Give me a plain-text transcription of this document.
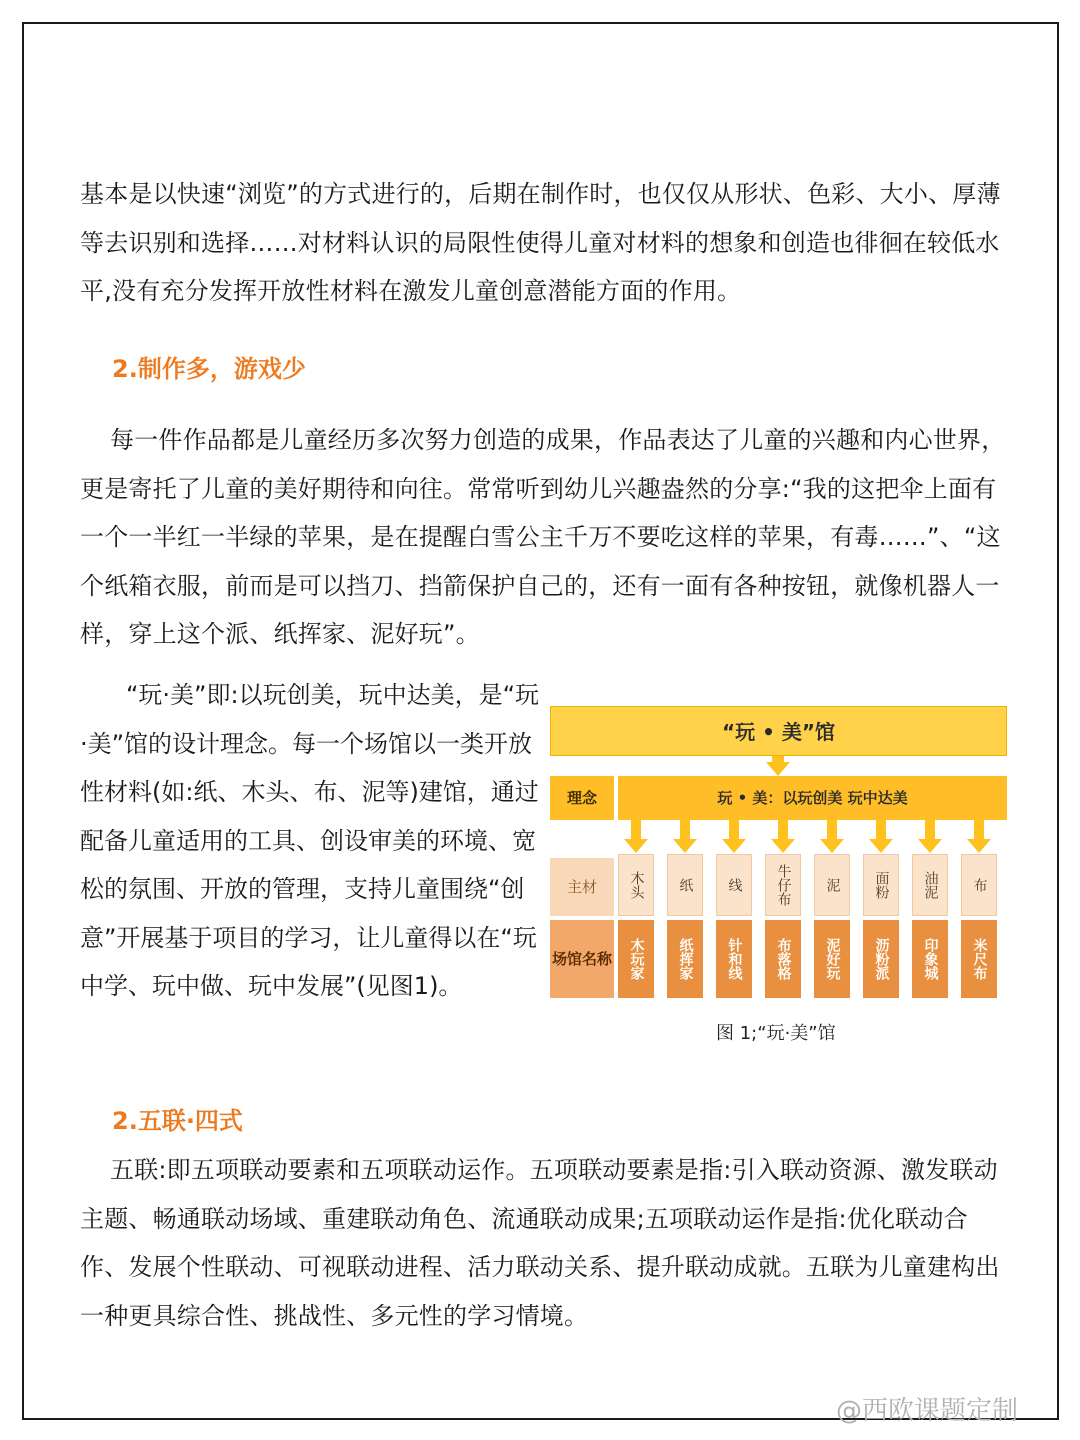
基本是以快速“浏览”的方式进行的，后期在制作时，也仅仅从形状、色彩、大小、厚薄等去识别和选择……对材料认识的局限性使得儿童对材料的想象和创造也徘徊在较低水平,没有充分发挥开放性材料在激发儿童创意潜能方面的作用。
2.制作多，游戏少
每一件作品都是儿童经历多次努力创造的成果，作品表达了儿童的兴趣和内心世界，更是寄托了儿童的美好期待和向往。常常听到幼儿兴趣盎然的分享:“我的这把伞上面有一个一半红一半绿的苹果，是在提醒白雪公主千万不要吃这样的苹果，有毒……”、“这个纸箱衣服，前而是可以挡刀、挡箭保护自己的，还有一面有各种按钮，就像机器人一样，穿上这个派、纸挥家、泥好玩”。
“玩·美”即:以玩创美，玩中达美，是“玩·美”馆的设计理念。每一个场馆以一类开放性材料(如:纸、木头、布、泥等)建馆，通过配备儿童适用的工具、创设审美的环境、宽松的氛围、开放的管理，支持儿童围绕“创意”开展基于项目的学习，让儿童得以在“玩中学、玩中做、玩中发展”(见图1)。
“玩 • 美”馆
理念	玩 • 美：以玩创美 玩中达美
主材	木头	纸	线	牛仔布	泥	面粉	油泥	布
场馆名称	木玩家	纸挥家	针和线	布落格	泥好玩	沥粉派	印象城	米尺布
图 1;“玩·美”馆
2.五联·四式
五联:即五项联动要素和五项联动运作。五项联动要素是指:引入联动资源、激发联动主题、畅通联动场域、重建联动角色、流通联动成果;五项联动运作是指:优化联动合作、发展个性联动、可视联动进程、活力联动关系、提升联动成就。五联为儿童建构出一种更具综合性、挑战性、多元性的学习情境。
@西欧课题定制
